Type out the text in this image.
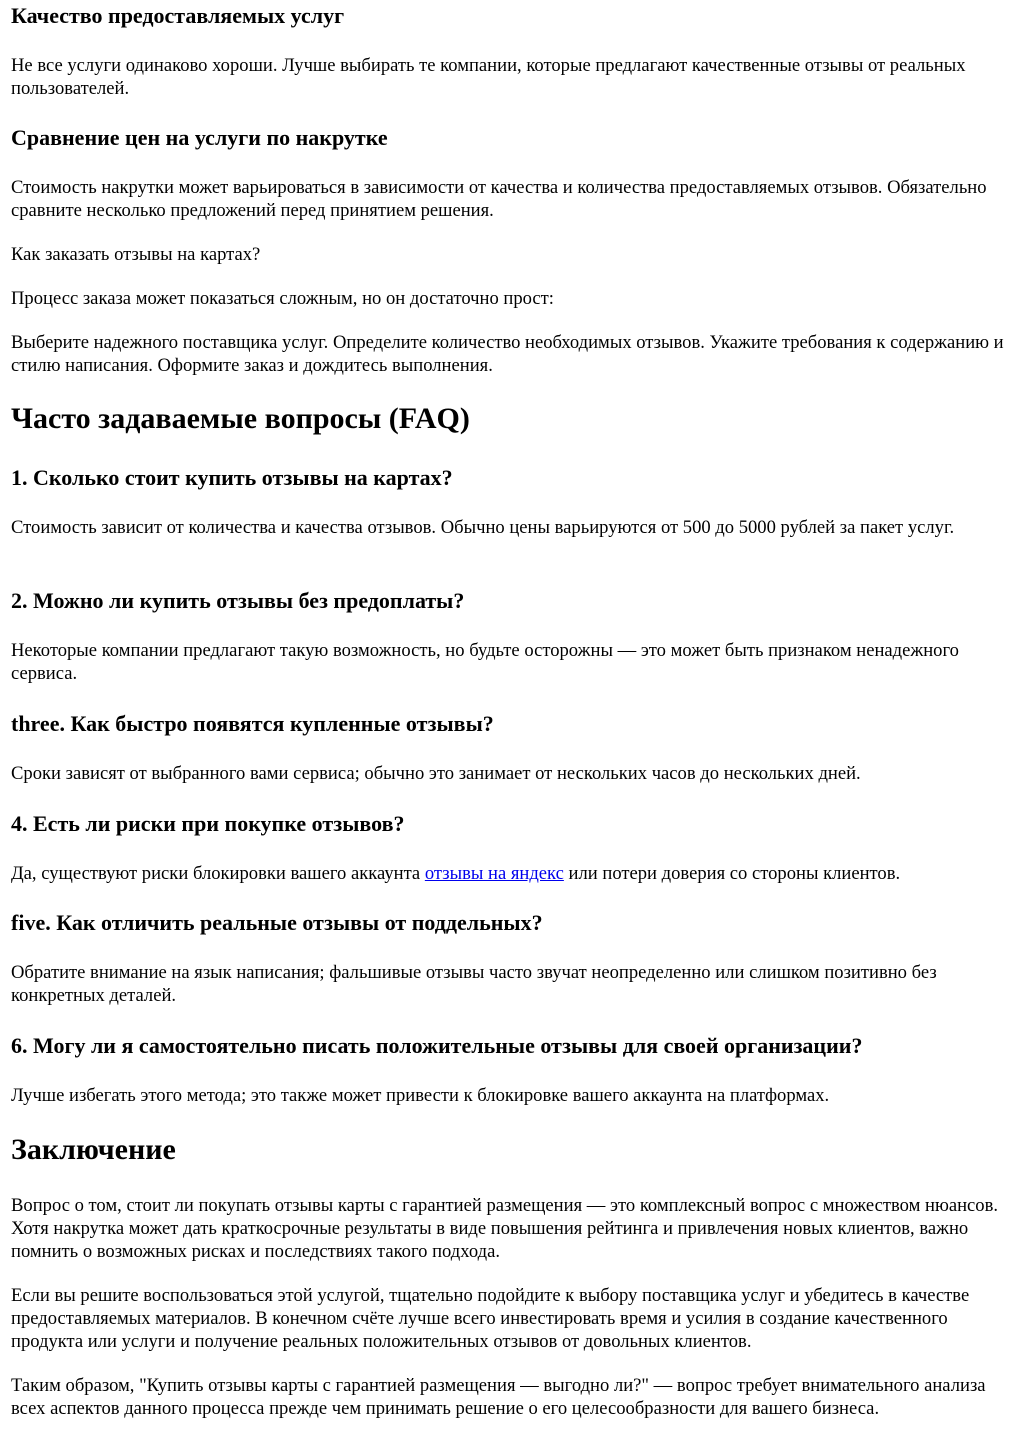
Качество предоставляемых услуг

Не все услуги одинаково хороши. Лучше выбирать те компании, которые предлагают качественные отзывы от реальных пользователей.

Сравнение цен на услуги по накрутке

Стоимость накрутки может варьироваться в зависимости от качества и количества предоставляемых отзывов. Обязательно сравните несколько предложений перед принятием решения.

Как заказать отзывы на картах?

Процесс заказа может показаться сложным, но он достаточно прост:

Выберите надежного поставщика услуг. Определите количество необходимых отзывов. Укажите требования к содержанию и стилю написания. Оформите заказ и дождитесь выполнения.

Часто задаваемые вопросы (FAQ)
1. Сколько стоит купить отзывы на картах?

Стоимость зависит от количества и качества отзывов. Обычно цены варьируются от 500 до 5000 рублей за пакет услуг.

2. Можно ли купить отзывы без предоплаты?

Некоторые компании предлагают такую возможность, но будьте осторожны — это может быть признаком ненадежного сервиса.

three. Как быстро появятся купленные отзывы?

Сроки зависят от выбранного вами сервиса; обычно это занимает от нескольких часов до нескольких дней.

4. Есть ли риски при покупке отзывов?

Да, существуют риски блокировки вашего аккаунта отзывы на яндекс или потери доверия со стороны клиентов.

five. Как отличить реальные отзывы от поддельных?

Обратите внимание на язык написания; фальшивые отзывы часто звучат неопределенно или слишком позитивно без конкретных деталей.

6. Могу ли я самостоятельно писать положительные отзывы для своей организации?

Лучше избегать этого метода; это также может привести к блокировке вашего аккаунта на платформах.

Заключение

Вопрос о том, стоит ли покупать отзывы карты с гарантией размещения — это комплексный вопрос с множеством нюансов. Хотя накрутка может дать краткосрочные результаты в виде повышения рейтинга и привлечения новых клиентов, важно помнить о возможных рисках и последствиях такого подхода.

Если вы решите воспользоваться этой услугой, тщательно подойдите к выбору поставщика услуг и убедитесь в качестве предоставляемых материалов. В конечном счёте лучше всего инвестировать время и усилия в создание качественного продукта или услуги и получение реальных положительных отзывов от довольных клиентов.

Таким образом, "Купить отзывы карты с гарантией размещения — выгодно ли?" — вопрос требует внимательного анализа всех аспектов данного процесса прежде чем принимать решение о его целесообразности для вашего бизнеса.
